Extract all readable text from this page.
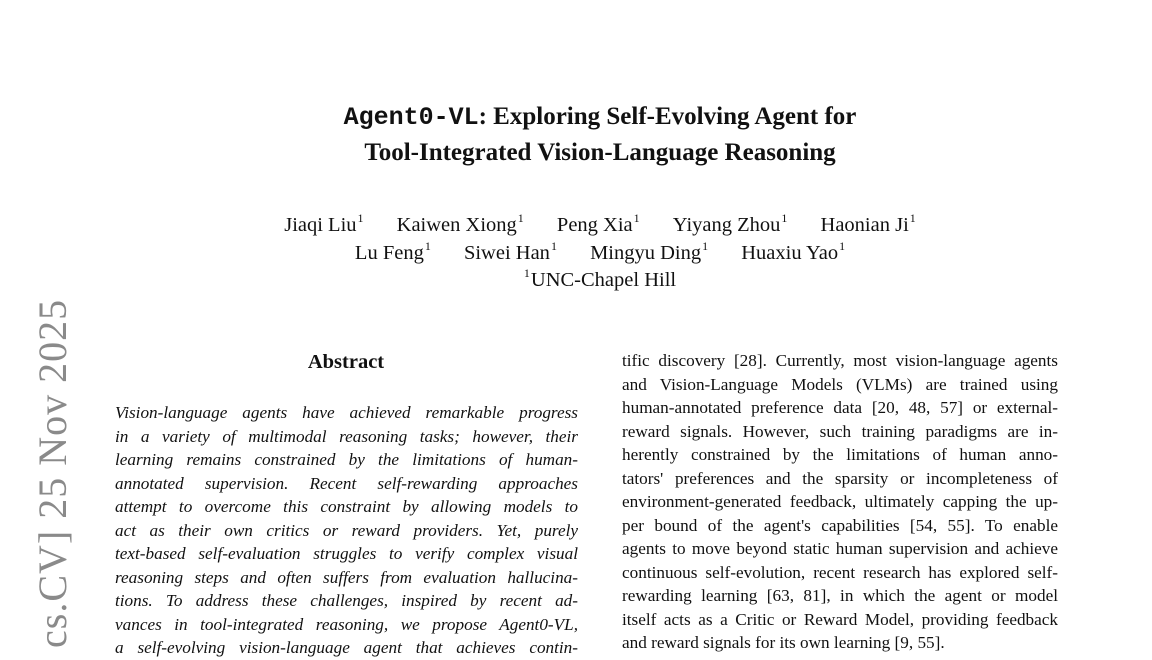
Agent0-VL: Exploring Self-Evolving Agent for
Tool-Integrated Vision-Language Reasoning
Jiaqi Liu$^1$ Kaiwen Xiong$^1$ Peng Xia$^1$ Yiyang Zhou$^1$ Haonian Ji$^1$
Lu Feng$^1$ Siwei Han$^1$ Mingyu Ding$^1$ Huaxiu Yao$^1$
$^1$UNC-Chapel Hill
cs.CV] 25 Nov 2025	Abstract
Vision-language agents have achieved remarkable progress
in a variety of multimodal reasoning tasks; however, their
learning remains constrained by the limitations of human-
annotated supervision. Recent self-rewarding approaches
attempt to overcome this constraint by allowing models to
act as their own critics or reward providers. Yet, purely
text-based self-evaluation struggles to verify complex visual
reasoning steps and often suffers from evaluation hallucina-
tions. To address these challenges, inspired by recent ad-
vances in tool-integrated reasoning, we propose Agent0-VL,
a self-evolving vision-language agent that achieves contin-
tific discovery [28]. Currently, most vision-language agents
and Vision-Language Models (VLMs) are trained using
human-annotated preference data [20, 48, 57] or external-
reward signals. However, such training paradigms are in-
herently constrained by the limitations of human anno-
tators' preferences and the sparsity or incompleteness of
environment-generated feedback, ultimately capping the up-
per bound of the agent's capabilities [54, 55]. To enable
agents to move beyond static human supervision and achieve
continuous self-evolution, recent research has explored self-
rewarding learning [63, 81], in which the agent or model
itself acts as a Critic or Reward Model, providing feedback
and reward signals for its own learning [9, 55].
